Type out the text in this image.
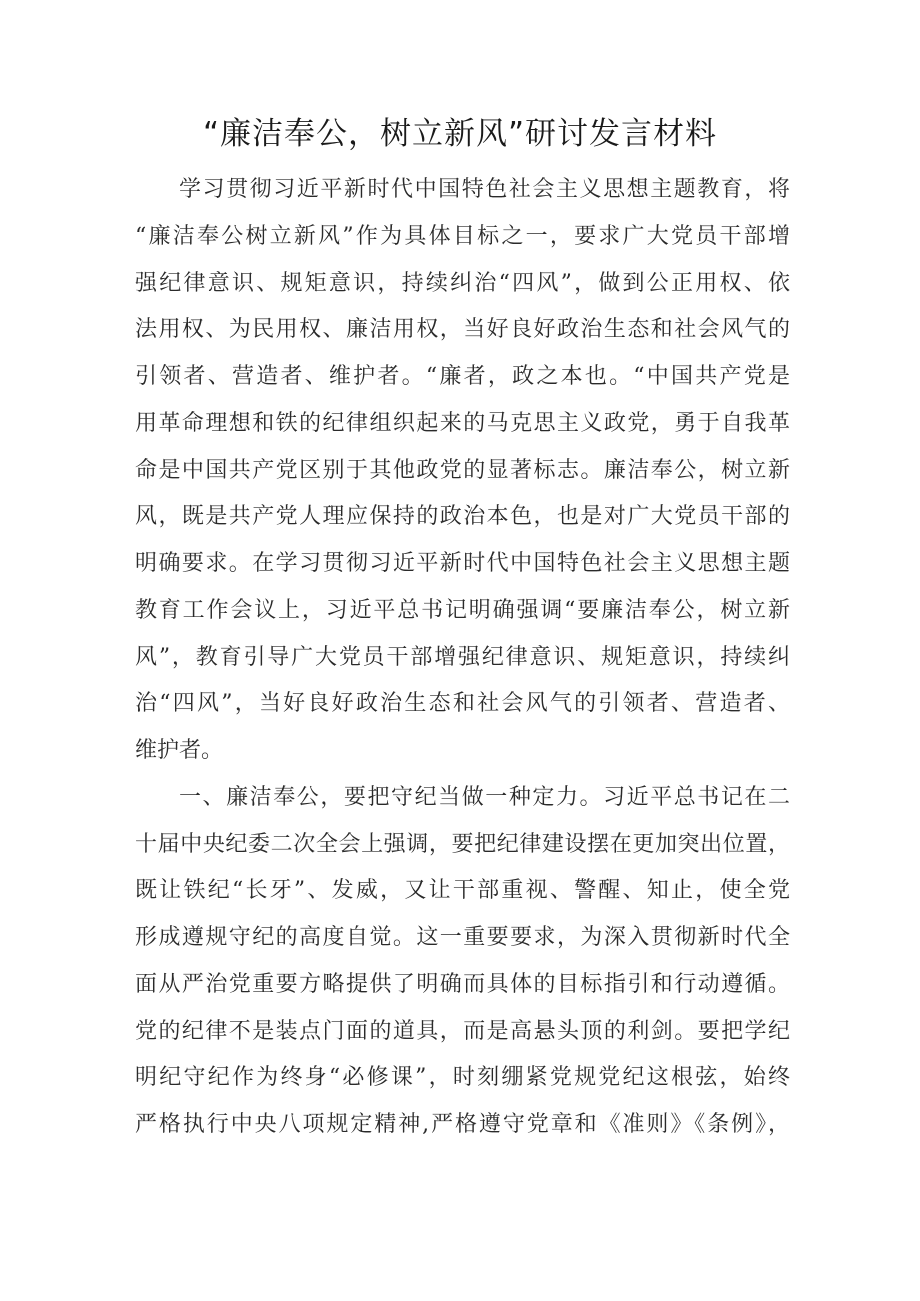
“廉洁奉公，树立新风”研讨发言材料
学习贯彻习近平新时代中国特色社会主义思想主题教育，将
“廉洁奉公树立新风”作为具体目标之一，要求广大党员干部增
强纪律意识、规矩意识，持续纠治“四风”，做到公正用权、依
法用权、为民用权、廉洁用权，当好良好政治生态和社会风气的
引领者、营造者、维护者。“廉者，政之本也。“中国共产党是
用革命理想和铁的纪律组织起来的马克思主义政党，勇于自我革
命是中国共产党区别于其他政党的显著标志。廉洁奉公，树立新
风，既是共产党人理应保持的政治本色，也是对广大党员干部的
明确要求。在学习贯彻习近平新时代中国特色社会主义思想主题
教育工作会议上，习近平总书记明确强调“要廉洁奉公，树立新
风”，教育引导广大党员干部增强纪律意识、规矩意识，持续纠
治“四风”，当好良好政治生态和社会风气的引领者、营造者、
维护者。
一、廉洁奉公，要把守纪当做一种定力。习近平总书记在二
十届中央纪委二次全会上强调，要把纪律建设摆在更加突出位置，
既让铁纪“长牙”、发威，又让干部重视、警醒、知止，使全党
形成遵规守纪的高度自觉。这一重要要求，为深入贯彻新时代全
面从严治党重要方略提供了明确而具体的目标指引和行动遵循。
党的纪律不是装点门面的道具，而是高悬头顶的利剑。要把学纪
明纪守纪作为终身“必修课”，时刻绷紧党规党纪这根弦，始终
严格执行中央八项规定精神,严格遵守党章和《准则》《条例》，
